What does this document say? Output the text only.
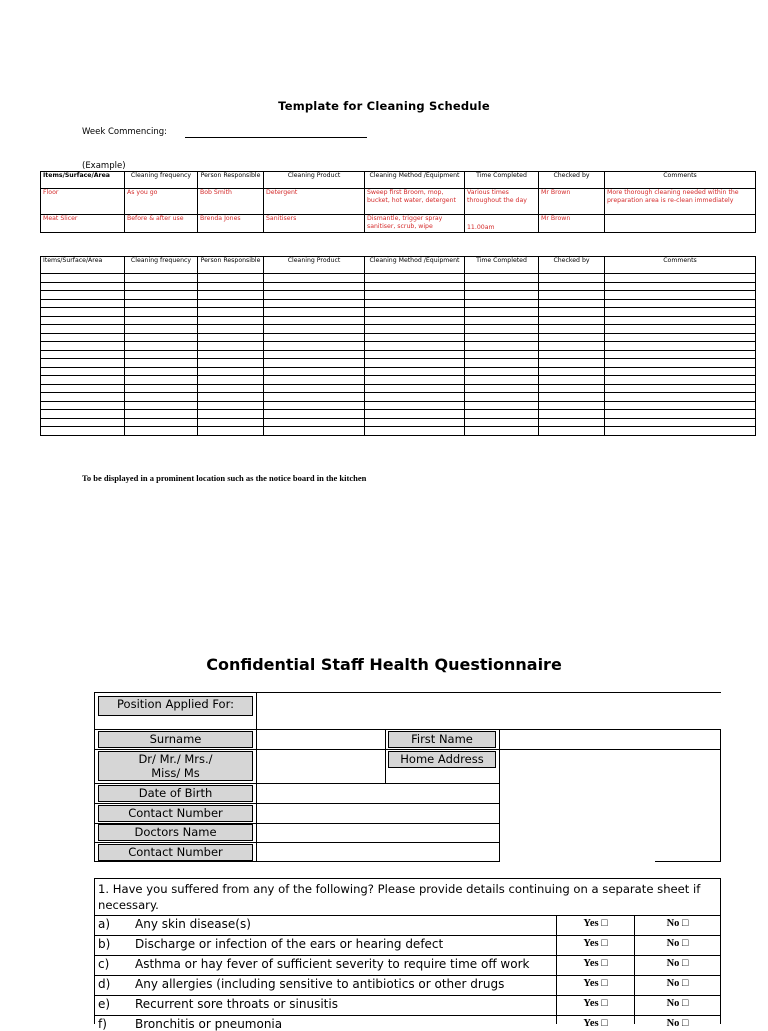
Template for Cleaning Schedule
Week Commencing:
(Example)
Items/Surface/Area	Cleaning frequency	Person Responsible	Cleaning Product	Cleaning Method /Equipment	Time Completed	Checked by	Comments
Floor	As you go	Bob Smith	Detergent	Sweep first Broom, mop, bucket, hot water, detergent	Various times throughout the day	Mr Brown	More thorough cleaning needed within the preparation area is re-clean immediately
Meat Slicer	Before & after use	Brenda Jones	Sanitisers	Dismantle, trigger spray sanitiser, scrub, wipe	11.00am	Mr Brown	
Items/Surface/Area	Cleaning frequency	Person Responsible	Cleaning Product	Cleaning Method /Equipment	Time Completed	Checked by	Comments

To be displayed in a prominent location such as the notice board in the kitchen
Confidential Staff Health Questionnaire
Position Applied For:
Surname	First Name
Dr/ Mr./ Mrs./
Miss/ Ms
Home Address
Date of Birth
Contact Number
Doctors Name
Contact Number
1. Have you suffered from any of the following? Please provide details continuing on a separate sheet if necessary.
a) Any skin disease(s)	Yes □	No □
b) Discharge or infection of the ears or hearing defect	Yes □	No □
c) Asthma or hay fever of sufficient severity to require time off work	Yes □	No □
d) Any allergies (including sensitive to antibiotics or other drugs	Yes □	No □
e) Recurrent sore throats or sinusitis	Yes □	No □
f) Bronchitis or pneumonia	Yes □	No □
